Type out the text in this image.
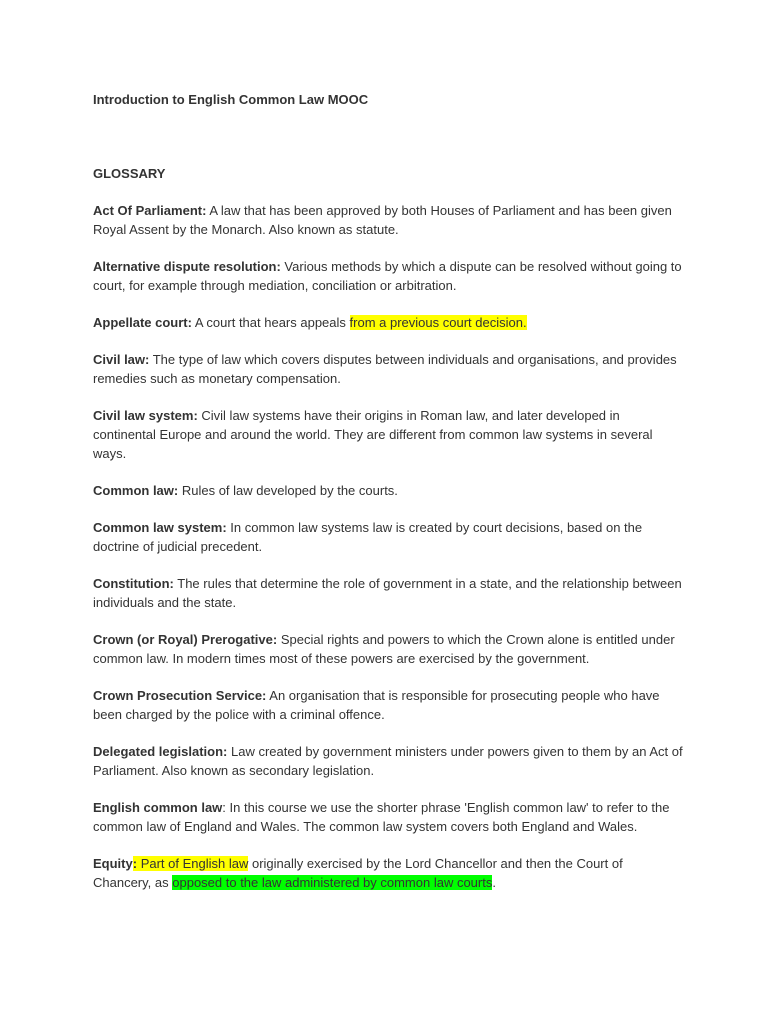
Introduction to English Common Law MOOC

GLOSSARY

Act Of Parliament: A law that has been approved by both Houses of Parliament and has been given Royal Assent by the Monarch. Also known as statute.

Alternative dispute resolution: Various methods by which a dispute can be resolved without going to court, for example through mediation, conciliation or arbitration.

Appellate court: A court that hears appeals from a previous court decision.

Civil law: The type of law which covers disputes between individuals and organisations, and provides remedies such as monetary compensation.

Civil law system: Civil law systems have their origins in Roman law, and later developed in continental Europe and around the world. They are different from common law systems in several ways.

Common law: Rules of law developed by the courts.

Common law system: In common law systems law is created by court decisions, based on the doctrine of judicial precedent.

Constitution: The rules that determine the role of government in a state, and the relationship between individuals and the state.

Crown (or Royal) Prerogative: Special rights and powers to which the Crown alone is entitled under common law. In modern times most of these powers are exercised by the government.

Crown Prosecution Service: An organisation that is responsible for prosecuting people who have been charged by the police with a criminal offence.

Delegated legislation: Law created by government ministers under powers given to them by an Act of Parliament. Also known as secondary legislation.

English common law: In this course we use the shorter phrase 'English common law' to refer to the common law of England and Wales. The common law system covers both England and Wales.

Equity: Part of English law originally exercised by the Lord Chancellor and then the Court of Chancery, as opposed to the law administered by common law courts.
